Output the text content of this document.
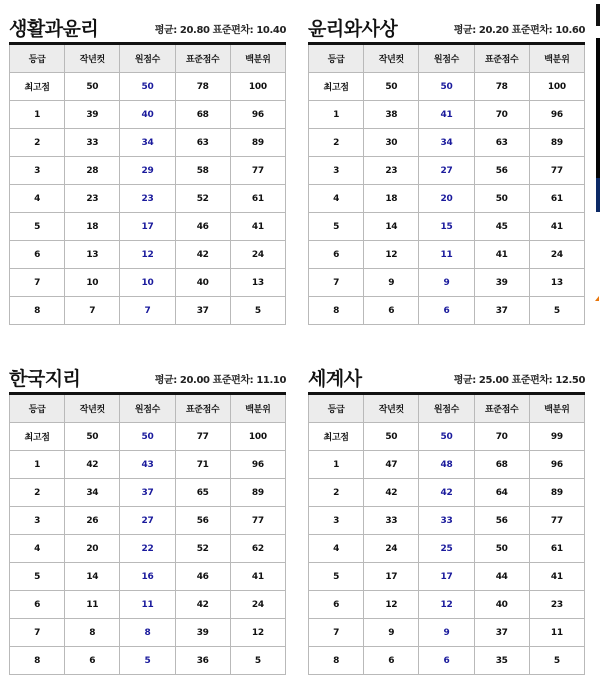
생활과윤리	평균: 20.80 표준편차: 10.40
등급	작년컷	원점수	표준점수	백분위
최고점	50	50	78	100
1	39	40	68	96
2	33	34	63	89
3	28	29	58	77
4	23	23	52	61
5	18	17	46	41
6	13	12	42	24
7	10	10	40	13
8	7	7	37	5
윤리와사상	평균: 20.20 표준편차: 10.60
등급	작년컷	원점수	표준점수	백분위
최고점	50	50	78	100
1	38	41	70	96
2	30	34	63	89
3	23	27	56	77
4	18	20	50	61
5	14	15	45	41
6	12	11	41	24
7	9	9	39	13
8	6	6	37	5
한국지리	평균: 20.00 표준편차: 11.10
등급	작년컷	원점수	표준점수	백분위
최고점	50	50	77	100
1	42	43	71	96
2	34	37	65	89
3	26	27	56	77
4	20	22	52	62
5	14	16	46	41
6	11	11	42	24
7	8	8	39	12
8	6	5	36	5
세계사	평균: 25.00 표준편차: 12.50
등급	작년컷	원점수	표준점수	백분위
최고점	50	50	70	99
1	47	48	68	96
2	42	42	64	89
3	33	33	56	77
4	24	25	50	61
5	17	17	44	41
6	12	12	40	23
7	9	9	37	11
8	6	6	35	5
